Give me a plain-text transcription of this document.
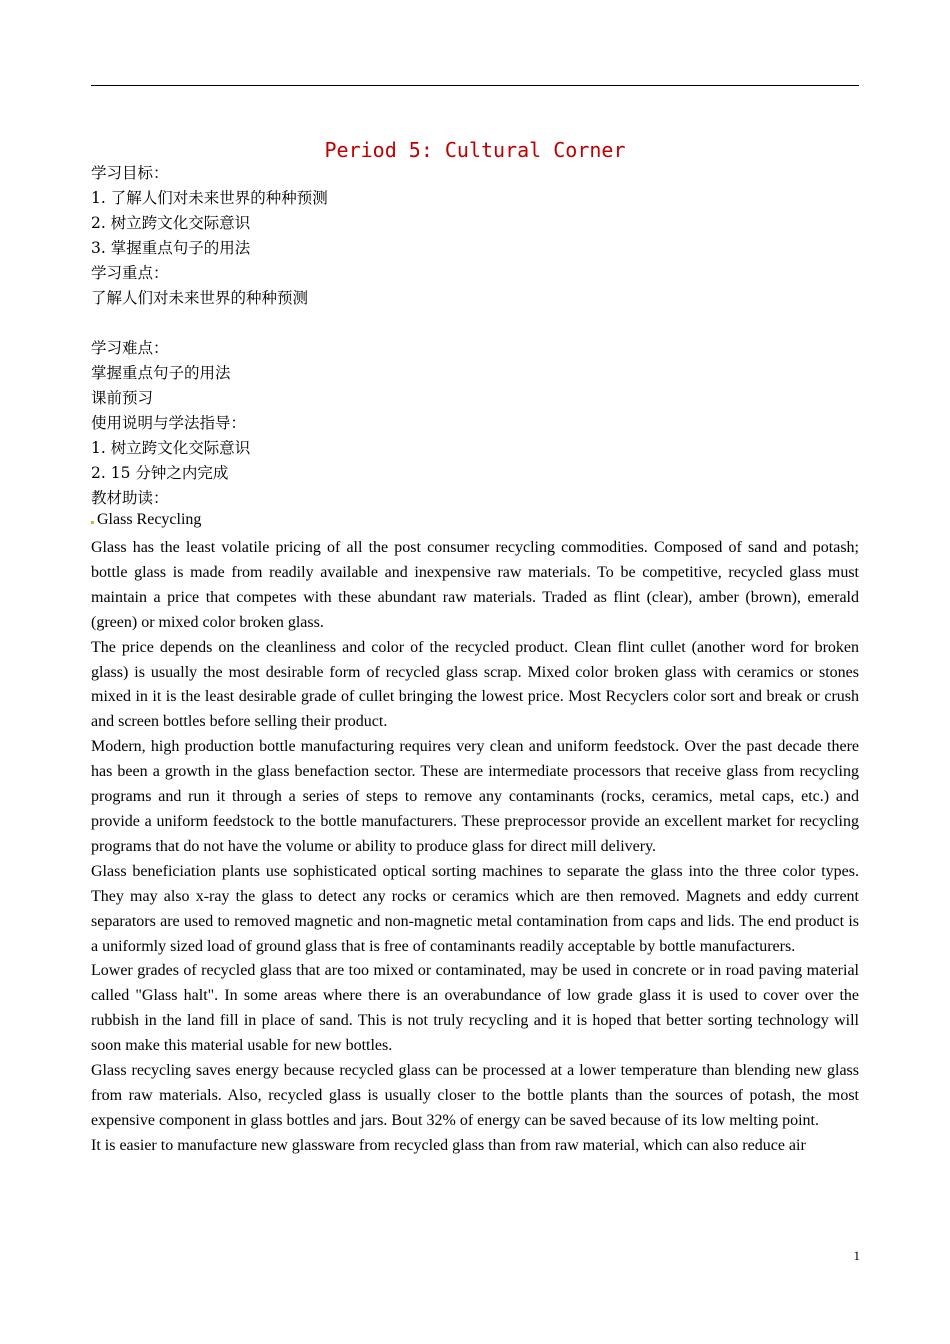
Period 5: Cultural Corner
学习目标：
1. 了解人们对未来世界的种种预测
2. 树立跨文化交际意识
3. 掌握重点句子的用法
学习重点：
了解人们对未来世界的种种预测
学习难点：
掌握重点句子的用法
课前预习
使用说明与学法指导：
1. 树立跨文化交际意识
2. 15 分钟之内完成
教材助读：
Glass Recycling

Glass has the least volatile pricing of all the post consumer recycling commodities. Composed of sand and potash; bottle glass is made from readily available and inexpensive raw materials. To be competitive, recycled glass must maintain a price that competes with these abundant raw materials. Traded as flint (clear), amber (brown), emerald (green) or mixed color broken glass.

The price depends on the cleanliness and color of the recycled product. Clean flint cullet (another word for broken glass) is usually the most desirable form of recycled glass scrap. Mixed color broken glass with ceramics or stones mixed in it is the least desirable grade of cullet bringing the lowest price. Most Recyclers color sort and break or crush and screen bottles before selling their product.

Modern, high production bottle manufacturing requires very clean and uniform feedstock. Over the past decade there has been a growth in the glass benefaction sector. These are intermediate processors that receive glass from recycling programs and run it through a series of steps to remove any contaminants (rocks, ceramics, metal caps, etc.) and provide a uniform feedstock to the bottle manufacturers. These preprocessor provide an excellent market for recycling programs that do not have the volume or ability to produce glass for direct mill delivery.

Glass beneficiation plants use sophisticated optical sorting machines to separate the glass into the three color types. They may also x-ray the glass to detect any rocks or ceramics which are then removed. Magnets and eddy current separators are used to removed magnetic and non-magnetic metal contamination from caps and lids. The end product is a uniformly sized load of ground glass that is free of contaminants readily acceptable by bottle manufacturers.

Lower grades of recycled glass that are too mixed or contaminated, may be used in concrete or in road paving material called "Glass halt". In some areas where there is an overabundance of low grade glass it is used to cover over the rubbish in the land fill in place of sand. This is not truly recycling and it is hoped that better sorting technology will soon make this material usable for new bottles.

Glass recycling saves energy because recycled glass can be processed at a lower temperature than blending new glass from raw materials. Also, recycled glass is usually closer to the bottle plants than the sources of potash, the most expensive component in glass bottles and jars. Bout 32% of energy can be saved because of its low melting point.

It is easier to manufacture new glassware from recycled glass than from raw material, which can also reduce air

1
